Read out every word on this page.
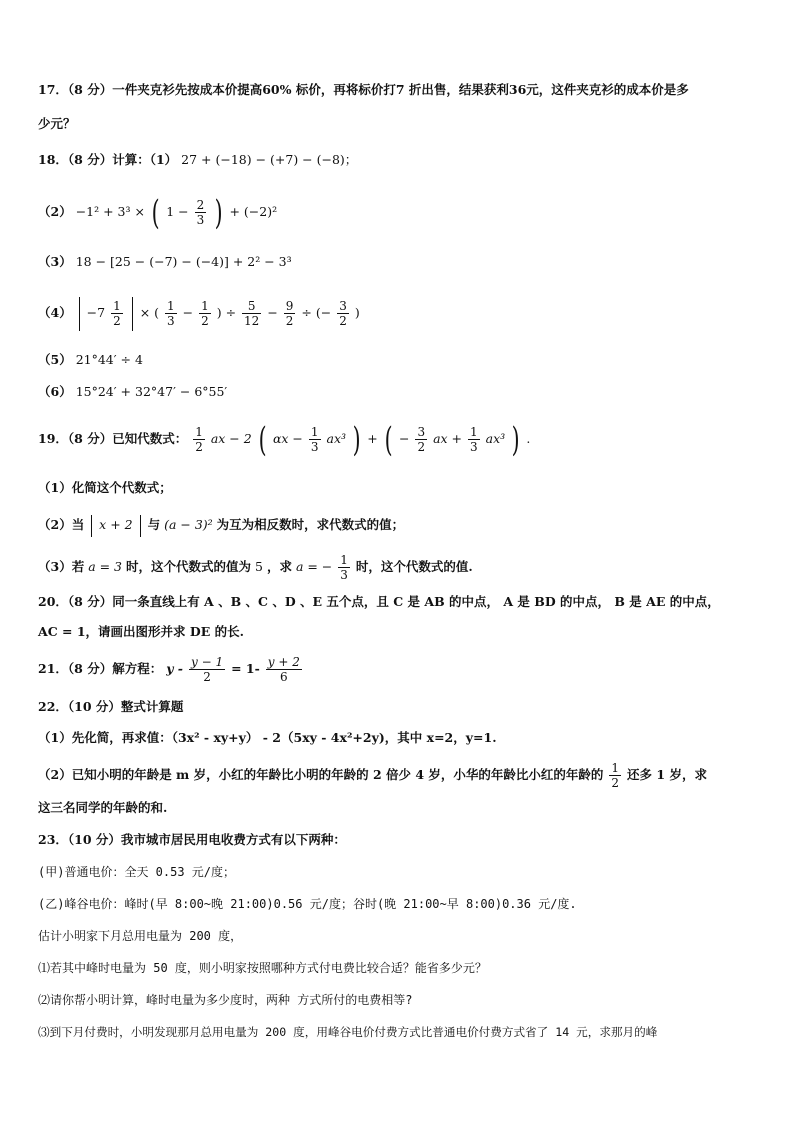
17．（8 分）一件夹克衫先按成本价提高60% 标价，再将标价打7 折出售，结果获利36元，这件夹克衫的成本价是多
少元？
18．（8 分）计算：（1） 27 + (−18) − (+7) − (−8)；
（2） −1² + 3³ × ( $1 - \frac{2}{3}$ ) + (−2)²
（3） 18 − [25 − (−7) − (−4)] + 2² − 3³
$(4) -7 \frac{1}{2}$ × ( $\frac{1}{3} - \frac{1}{2}$ ) ÷ $\frac{5}{12} - \frac{9}{2}$ ÷ (− $\frac{3}{2}$ )
（5） 21°44′ ÷ 4
（6） 15°24′ + 32°47′ − 6°55′
19．（8 分）已知代数式： $\frac{1}{2}$ ax − 2 ( $\alpha x - \frac{1}{3} ax^3$ ) + ( − $\frac{3}{2}$ ax + $\frac{1}{3} ax^3$ ) .
（1）化简这个代数式；
（2）当 x + 2 与 (a − 3)² 为互为相反数时，求代数式的值；
（3）若 a = 3 时，这个代数式的值为 5 ，求 a = − $\frac{1}{3}$ 时，这个代数式的值.
20．（8 分）同一条直线上有 A 、B 、C 、D 、E 五个点，且 C 是 AB 的中点， A 是 BD 的中点， B 是 AE 的中点，
AC = 1，请画出图形并求 DE 的长.
21．（8 分）解方程： $y - \frac{y - 1}{2} = 1- \frac{y + 2}{6}$
22．（10 分）整式计算题
（1）先化简，再求值：（3x² - xy+y） - 2（5xy - 4x²+2y)，其中 x=2，y=1.
（2）已知小明的年龄是 m 岁，小红的年龄比小明的年龄的 2 倍少 4 岁，小华的年龄比小红的年龄的 $\frac{1}{2}$ 还多 1 岁，求
这三名同学的年龄的和.
23．（10 分）我市城市居民用电收费方式有以下两种：
(甲)普通电价：全天 0.53 元/度；
(乙)峰谷电价：峰时(早 8:00~晚 21:00)0.56 元/度；谷时(晚 21:00~早 8:00)0.36 元/度.
估计小明家下月总用电量为 200 度，
⑴若其中峰时电量为 50 度，则小明家按照哪种方式付电费比较合适？能省多少元？
⑵请你帮小明计算，峰时电量为多少度时，两种 方式所付的电费相等?
⑶到下月付费时，小明发现那月总用电量为 200 度，用峰谷电价付费方式比普通电价付费方式省了 14 元，求那月的峰
